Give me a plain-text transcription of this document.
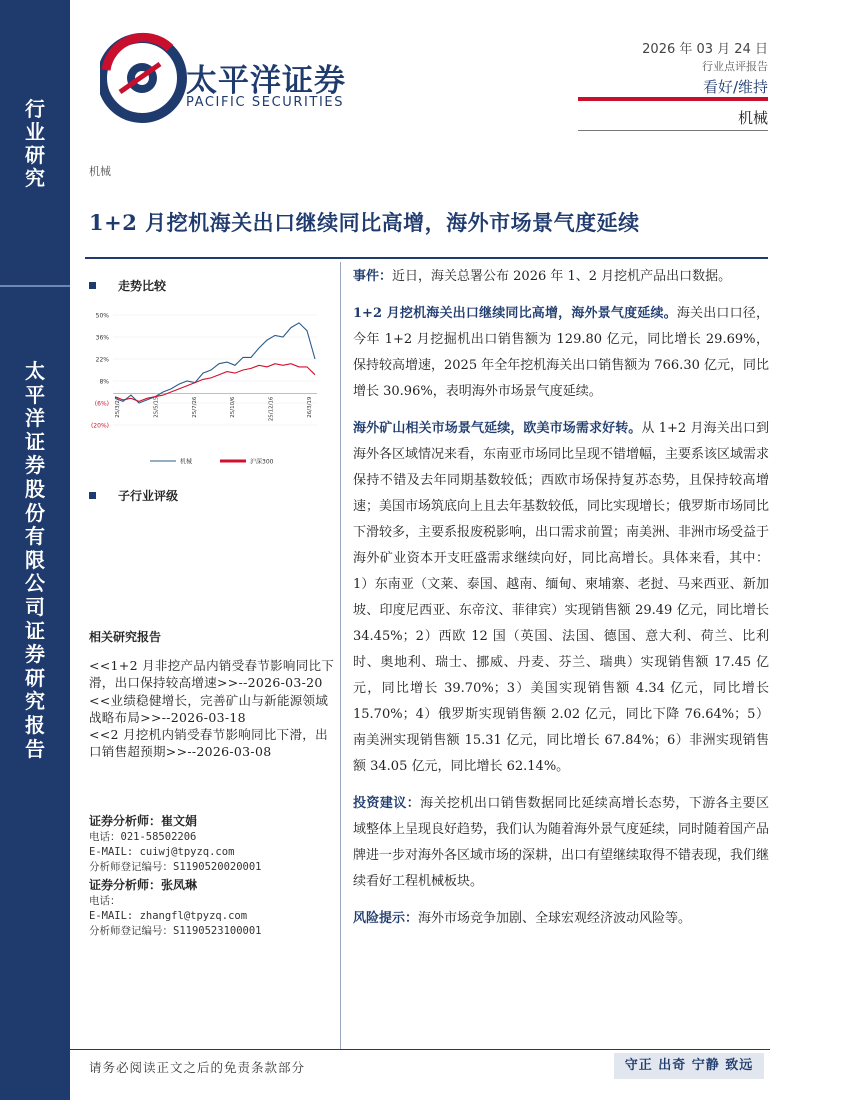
行
业
研
究
太
平
洋
证
券
股
份
有
限
公
司
证
券
研
究
报
告
太平洋证券
PACIFIC SECURITIES
2026 年 03 月 24 日
行业点评报告
看好/维持
机械
机械
1+2 月挖机海关出口继续同比高增，海外市场景气度延续
走势比较
50%
36%
22%
8%
(6%)
(20%)
25/3/24	25/5/15	25/7/26	25/10/6	25/12/16	26/3/19
机械	沪深300
子行业评级
相关研究报告

<<1+2 月非挖产品内销受春节影响同比下滑，出口保持较高增速>>--2026-03-20

<<业绩稳健增长，完善矿山与新能源领域战略布局>>--2026-03-18

<<2 月挖机内销受春节影响同比下滑，出口销售超预期>>--2026-03-08

证券分析师：崔文娟
电话：021-58502206
E-MAIL: cuiwj@tpyzq.com
分析师登记编号：S1190520020001
证券分析师：张凤琳
电话：
E-MAIL: zhangfl@tpyzq.com
分析师登记编号：S1190523100001

事件：近日，海关总署公布 2026 年 1、2 月挖机产品出口数据。

1+2 月挖机海关出口继续同比高增，海外景气度延续。海关出口口径，今年 1+2 月挖掘机出口销售额为 129.80 亿元，同比增长 29.69%，保持较高增速，2025 年全年挖机海关出口销售额为 766.30 亿元，同比增长 30.96%，表明海外市场景气度延续。

海外矿山相关市场景气延续，欧美市场需求好转。从 1+2 月海关出口到海外各区域情况来看，东南亚市场同比呈现不错增幅，主要系该区域需求保持不错及去年同期基数较低；西欧市场保持复苏态势，且保持较高增速；美国市场筑底向上且去年基数较低，同比实现增长；俄罗斯市场同比下滑较多，主要系报废税影响，出口需求前置；南美洲、非洲市场受益于海外矿业资本开支旺盛需求继续向好，同比高增长。具体来看，其中：1）东南亚（文莱、泰国、越南、缅甸、柬埔寨、老挝、马来西亚、新加坡、印度尼西亚、东帝汶、菲律宾）实现销售额 29.49 亿元，同比增长 34.45%；2）西欧 12 国（英国、法国、德国、意大利、荷兰、比利时、奥地利、瑞士、挪威、丹麦、芬兰、瑞典）实现销售额 17.45 亿元，同比增长 39.70%；3）美国实现销售额 4.34 亿元，同比增长 15.70%；4）俄罗斯实现销售额 2.02 亿元，同比下降 76.64%；5）南美洲实现销售额 15.31 亿元，同比增长 67.84%；6）非洲实现销售额 34.05 亿元，同比增长 62.14%。

投资建议：海关挖机出口销售数据同比延续高增长态势，下游各主要区域整体上呈现良好趋势，我们认为随着海外景气度延续，同时随着国产品牌进一步对海外各区域市场的深耕，出口有望继续取得不错表现，我们继续看好工程机械板块。

风险提示：海外市场竞争加剧、全球宏观经济波动风险等。

请务必阅读正文之后的免责条款部分	守正 出奇 宁静 致远
